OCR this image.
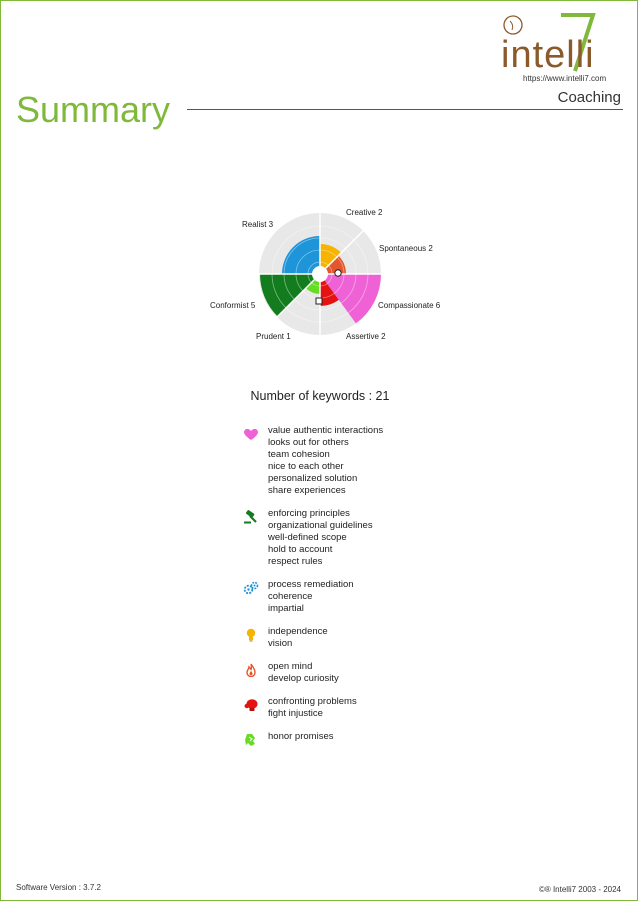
intelli
https://www.intelli7.com
Coaching
Summary
Creative 2
Spontaneous 2
Compassionate 6
Assertive 2
Prudent 1
Conformist 5
Realist 3
Number of keywords : 21
value authentic interactions
looks out for others
team cohesion
nice to each other
personalized solution
share experiences
enforcing principles
organizational guidelines
well-defined scope
hold to account
respect rules
process remediation
coherence
impartial
independence
vision
open mind
develop curiosity
confronting problems
fight injustice
honor promises
Software Version : 3.7.2	©® Intelli7 2003 - 2024
